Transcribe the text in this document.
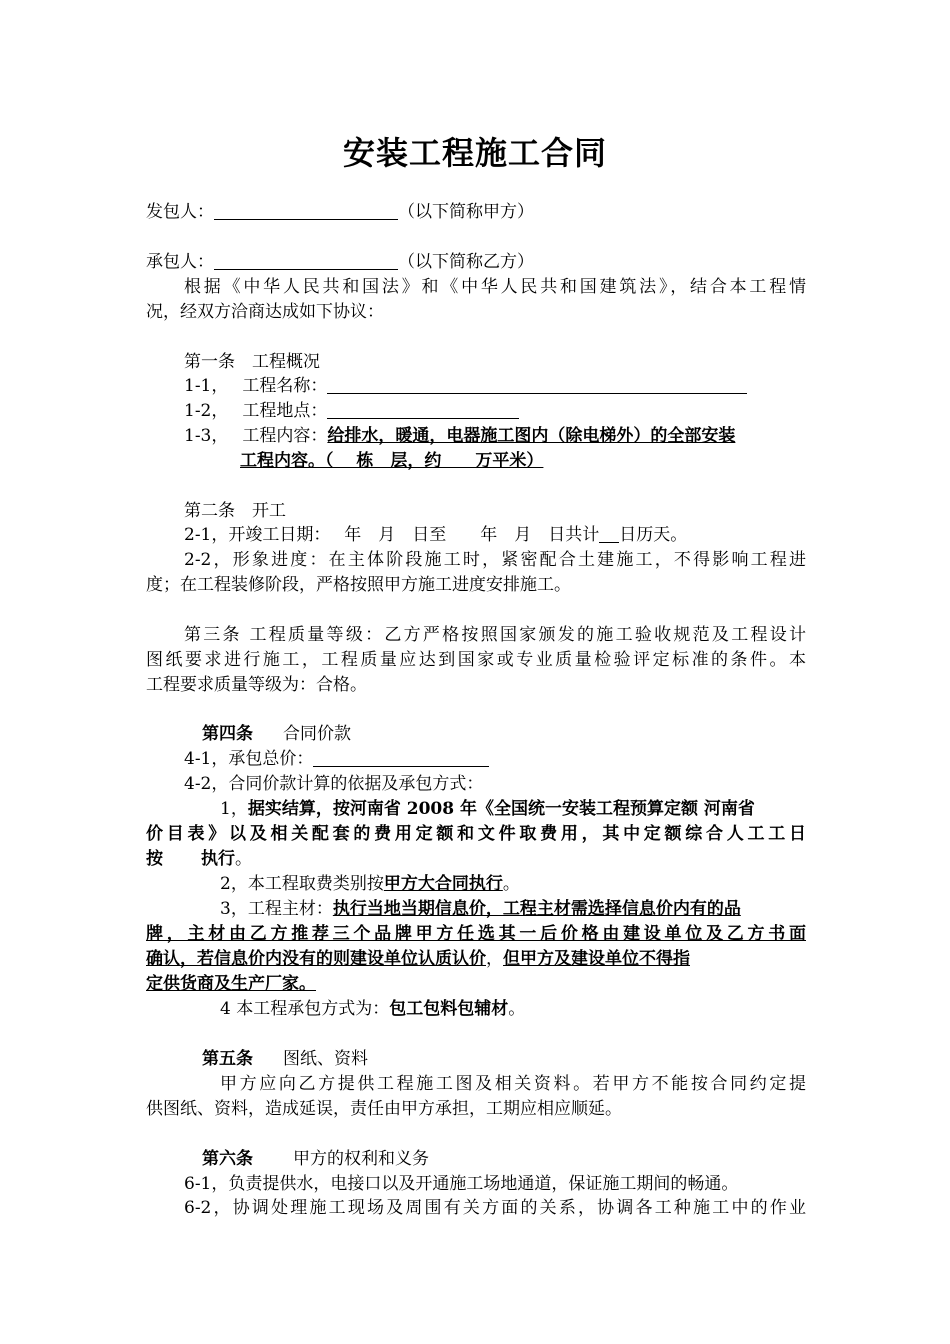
安装工程施工合同
发包人：	（以下简称甲方）
承包人：	（以下简称乙方）
根据《中华人民共和国法》和《中华人民共和国建筑法》，结合本工程情
况，经双方洽商达成如下协议：
第一条　工程概况
1-1， 工程名称：
1-2， 工程地点：
1-3， 工程内容：给排水，暖通，电器施工图内（除电梯外）的全部安装
工程内容。（　 栋　层，约　　万平米）
第二条　开工
2-1，开竣工日期：　 年　月　日至　　年　月　日共计 日历天。
2-2，形象进度：在主体阶段施工时，紧密配合土建施工，不得影响工程进
度；在工程装修阶段，严格按照甲方施工进度安排施工。
第三条 工程质量等级：乙方严格按照国家颁发的施工验收规范及工程设计
图纸要求进行施工，工程质量应达到国家或专业质量检验评定标准的条件。本
工程要求质量等级为：合格。
第四条 合同价款
4-1，承包总价：
4-2，合同价款计算的依据及承包方式：
1，据实结算，按河南省 2008 年《全国统一安装工程预算定额 河南省
价目表》以及相关配套的费用定额和文件取费用，其中定额综合人工工日
按 执行。
2，本工程取费类别按甲方大合同执行。
3，工程主材：执行当地当期信息价，工程主材需选择信息价内有的品
牌，主材由乙方推荐三个品牌甲方任选其一后价格由建设单位及乙方书面
确认，若信息价内没有的则建设单位认质认价，但甲方及建设单位不得指
定供货商及生产厂家。
4 本工程承包方式为：包工包料包辅材。
第五条 图纸、资料
甲方应向乙方提供工程施工图及相关资料。若甲方不能按合同约定提
供图纸、资料，造成延误，责任由甲方承担，工期应相应顺延。
第六条 甲方的权利和义务
6-1，负责提供水，电接口以及开通施工场地通道，保证施工期间的畅通。
6-2，协调处理施工现场及周围有关方面的关系，协调各工种施工中的作业
